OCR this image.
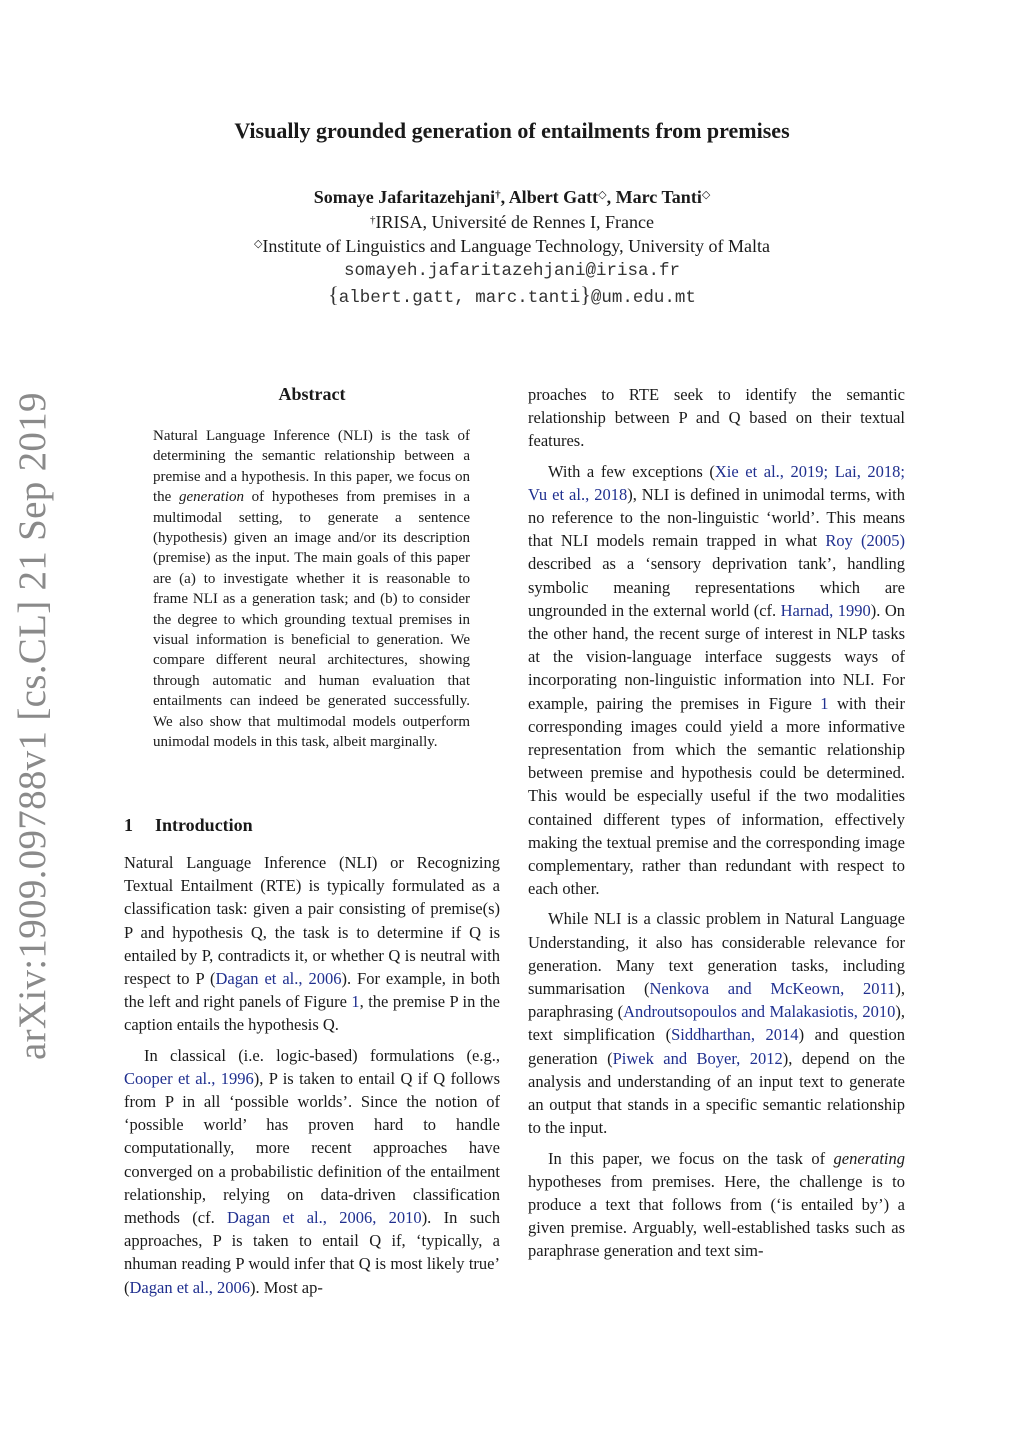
arXiv:1909.09788v1 [cs.CL] 21 Sep 2019
Visually grounded generation of entailments from premises
Somaye Jafaritazehjani†, Albert Gatt◇, Marc Tanti◇
†IRISA, Université de Rennes I, France
◇Institute of Linguistics and Language Technology, University of Malta
somayeh.jafaritazehjani@irisa.fr
{albert.gatt, marc.tanti}@um.edu.mt
Abstract
Natural Language Inference (NLI) is the task of determining the semantic relationship between a premise and a hypothesis. In this paper, we focus on the generation of hypotheses from premises in a multimodal setting, to generate a sentence (hypothesis) given an image and/or its description (premise) as the input. The main goals of this paper are (a) to investigate whether it is reasonable to frame NLI as a generation task; and (b) to consider the degree to which grounding textual premises in visual information is beneficial to generation. We compare different neural architectures, showing through automatic and human evaluation that entailments can indeed be generated successfully. We also show that multimodal models outperform unimodal models in this task, albeit marginally.
1 Introduction

Natural Language Inference (NLI) or Recognizing Textual Entailment (RTE) is typically formulated as a classification task: given a pair consisting of premise(s) P and hypothesis Q, the task is to determine if Q is entailed by P, contradicts it, or whether Q is neutral with respect to P (Dagan et al., 2006). For example, in both the left and right panels of Figure 1, the premise P in the caption entails the hypothesis Q.

In classical (i.e. logic-based) formulations (e.g., Cooper et al., 1996), P is taken to entail Q if Q follows from P in all ‘possible worlds’. Since the notion of ‘possible world’ has proven hard to handle computationally, more recent approaches have converged on a probabilistic definition of the entailment relationship, relying on data-driven classification methods (cf. Dagan et al., 2006, 2010). In such approaches, P is taken to entail Q if, ‘typically, a nhuman reading P would infer that Q is most likely true’ (Dagan et al., 2006). Most ap-

proaches to RTE seek to identify the semantic relationship between P and Q based on their textual features.

With a few exceptions (Xie et al., 2019; Lai, 2018; Vu et al., 2018), NLI is defined in unimodal terms, with no reference to the non-linguistic ‘world’. This means that NLI models remain trapped in what Roy (2005) described as a ‘sensory deprivation tank’, handling symbolic meaning representations which are ungrounded in the external world (cf. Harnad, 1990). On the other hand, the recent surge of interest in NLP tasks at the vision-language interface suggests ways of incorporating non-linguistic information into NLI. For example, pairing the premises in Figure 1 with their corresponding images could yield a more informative representation from which the semantic relationship between premise and hypothesis could be determined. This would be especially useful if the two modalities contained different types of information, effectively making the textual premise and the corresponding image complementary, rather than redundant with respect to each other.

While NLI is a classic problem in Natural Language Understanding, it also has considerable relevance for generation. Many text generation tasks, including summarisation (Nenkova and McKeown, 2011), paraphrasing (Androutsopoulos and Malakasiotis, 2010), text simplification (Siddharthan, 2014) and question generation (Piwek and Boyer, 2012), depend on the analysis and understanding of an input text to generate an output that stands in a specific semantic relationship to the input.

In this paper, we focus on the task of generating hypotheses from premises. Here, the challenge is to produce a text that follows from (‘is entailed by’) a given premise. Arguably, well-established tasks such as paraphrase generation and text sim-
